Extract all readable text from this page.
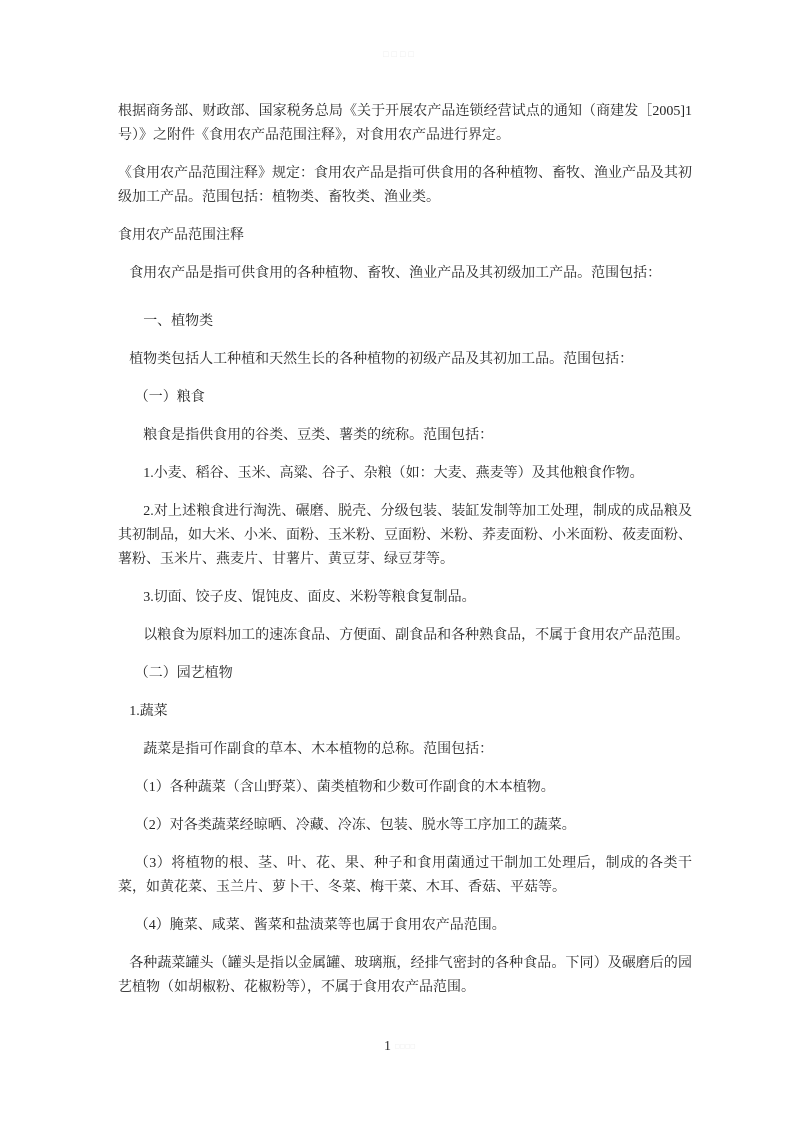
□□□□

根据商务部、财政部、国家税务总局《关于开展农产品连锁经营试点的通知（商建发［2005]1 号）》之附件《食用农产品范围注释》，对食用农产品进行界定。

《食用农产品范围注释》规定：食用农产品是指可供食用的各种植物、畜牧、渔业产品及其初级加工产品。范围包括：植物类、畜牧类、渔业类。

食用农产品范围注释

食用农产品是指可供食用的各种植物、畜牧、渔业产品及其初级加工产品。范围包括：

一、植物类

植物类包括人工种植和天然生长的各种植物的初级产品及其初加工品。范围包括：

（一）粮食

粮食是指供食用的谷类、豆类、薯类的统称。范围包括：

1.小麦、稻谷、玉米、高粱、谷子、杂粮（如：大麦、燕麦等）及其他粮食作物。

2.对上述粮食进行淘洗、碾磨、脱壳、分级包装、装缸发制等加工处理，制成的成品粮及其初制品，如大米、小米、面粉、玉米粉、豆面粉、米粉、荞麦面粉、小米面粉、莜麦面粉、薯粉、玉米片、燕麦片、甘薯片、黄豆芽、绿豆芽等。

3.切面、饺子皮、馄饨皮、面皮、米粉等粮食复制品。

以粮食为原料加工的速冻食品、方便面、副食品和各种熟食品，不属于食用农产品范围。

（二）园艺植物

1.蔬菜

蔬菜是指可作副食的草本、木本植物的总称。范围包括：

（1）各种蔬菜（含山野菜）、菌类植物和少数可作副食的木本植物。

（2）对各类蔬菜经晾晒、冷藏、冷冻、包装、脱水等工序加工的蔬菜。

（3）将植物的根、茎、叶、花、果、种子和食用菌通过干制加工处理后，制成的各类干菜，如黄花菜、玉兰片、萝卜干、冬菜、梅干菜、木耳、香菇、平菇等。

（4）腌菜、咸菜、酱菜和盐渍菜等也属于食用农产品范围。

各种蔬菜罐头（罐头是指以金属罐、玻璃瓶，经排气密封的各种食品。下同）及碾磨后的园艺植物（如胡椒粉、花椒粉等），不属于食用农产品范围。

1 □□□□
